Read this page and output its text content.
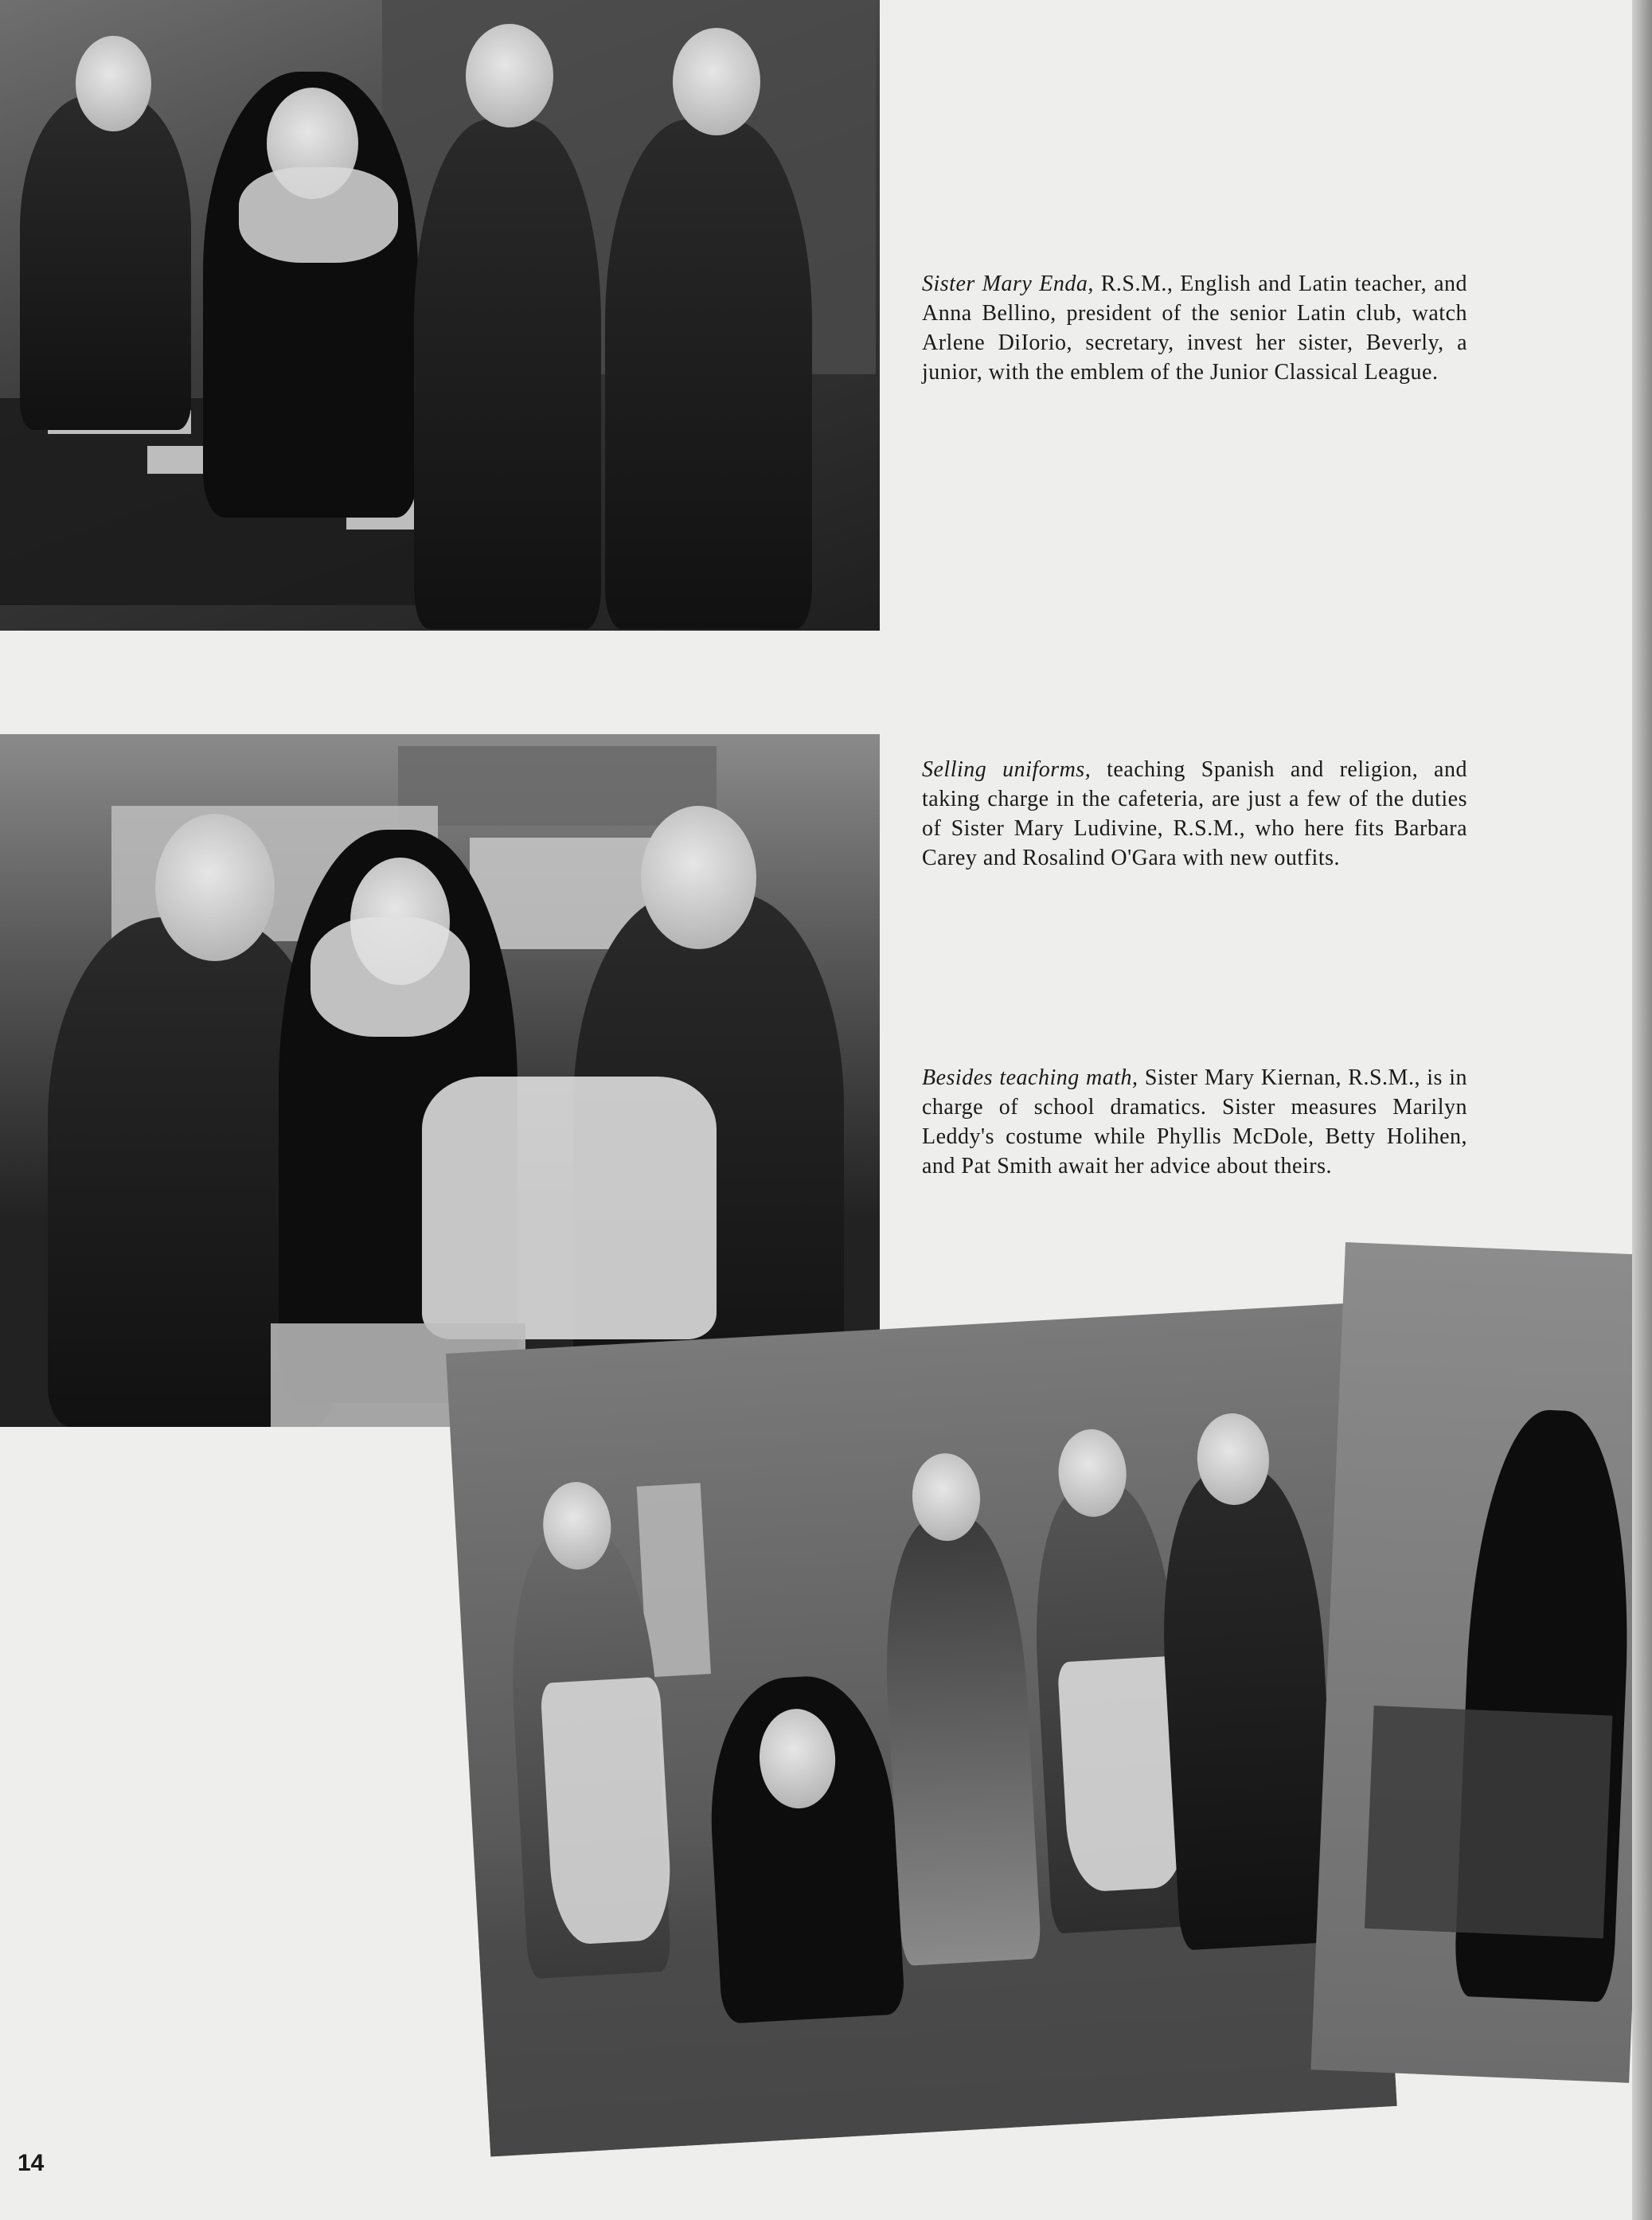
Sister Mary Enda, R.S.M., English and Latin teacher, and Anna Bellino, president of the senior Latin club, watch Arlene DiIorio, secretary, invest her sister, Beverly, a junior, with the emblem of the Junior Classical League.
Selling uniforms, teaching Spanish and religion, and taking charge in the cafeteria, are just a few of the duties of Sister Mary Ludivine, R.S.M., who here fits Barbara Carey and Rosalind O'Gara with new outfits.
Besides teaching math, Sister Mary Kiernan, R.S.M., is in charge of school dramatics. Sister measures Marilyn Leddy's costume while Phyllis McDole, Betty Holihen, and Pat Smith await her advice about theirs.
14
